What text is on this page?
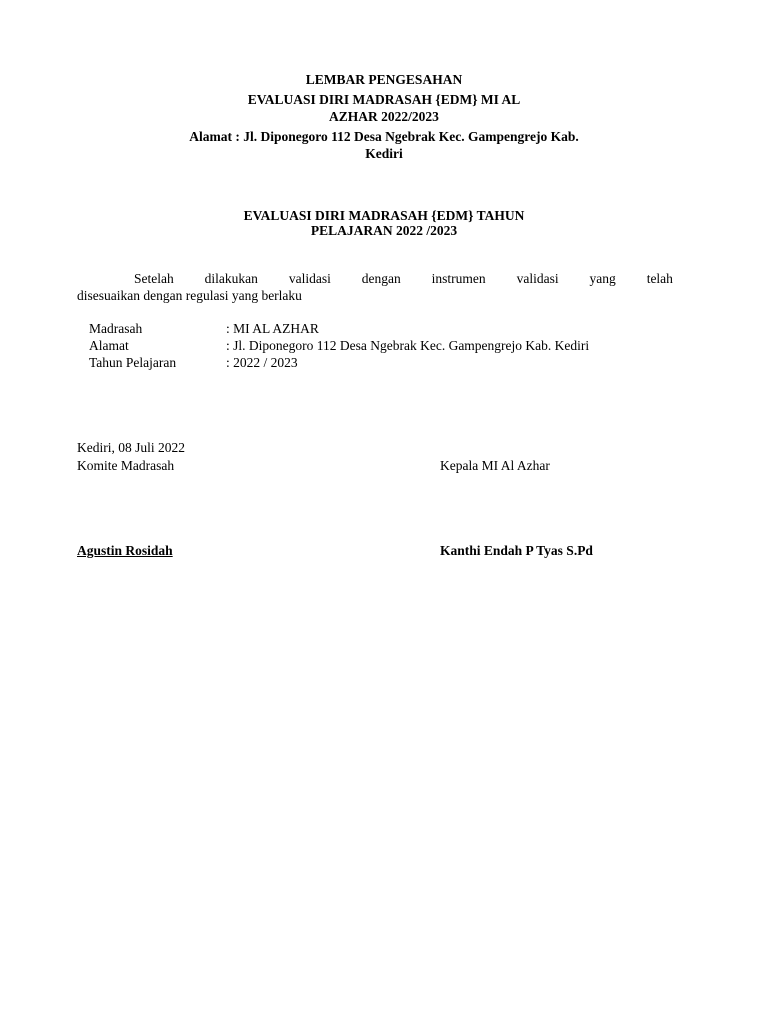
LEMBAR PENGESAHAN
EVALUASI DIRI MADRASAH {EDM} MI AL
AZHAR 2022/2023
Alamat : Jl. Diponegoro 112 Desa Ngebrak Kec. Gampengrejo Kab.
Kediri
EVALUASI DIRI MADRASAH {EDM} TAHUN
PELAJARAN 2022 /2023
Setelah dilakukan validasi dengan instrumen validasi yang telah
disesuaikan dengan regulasi yang berlaku
Madrasah	: MI AL AZHAR
Alamat	: Jl. Diponegoro 112 Desa Ngebrak Kec. Gampengrejo Kab. Kediri
Tahun Pelajaran	: 2022 / 2023
Kediri, 08 Juli 2022
Komite Madrasah	Kepala MI Al Azhar
Agustin Rosidah	Kanthi Endah P Tyas S.Pd
